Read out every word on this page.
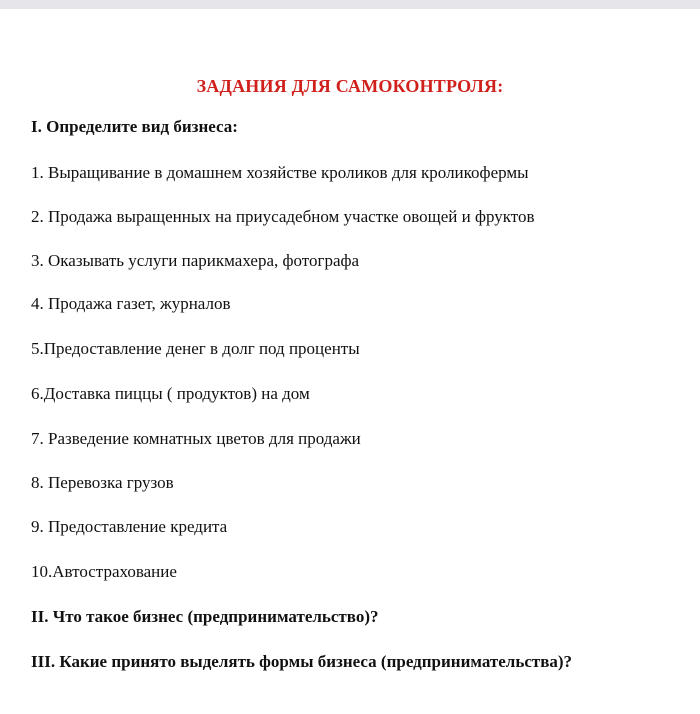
ЗАДАНИЯ ДЛЯ САМОКОНТРОЛЯ:
I. Определите вид бизнеса:
1. Выращивание в домашнем хозяйстве кроликов для кроликофермы
2. Продажа выращенных на приусадебном участке овощей и фруктов
3. Оказывать услуги парикмахера, фотографа
4. Продажа газет, журналов
5.Предоставление денег в долг под проценты
6.Доставка пиццы ( продуктов) на дом
7. Разведение комнатных цветов для продажи
8. Перевозка грузов
9. Предоставление кредита
10.Автострахование
II. Что такое бизнес (предпринимательство)?
III. Какие принято выделять формы бизнеса (предпринимательства)?
